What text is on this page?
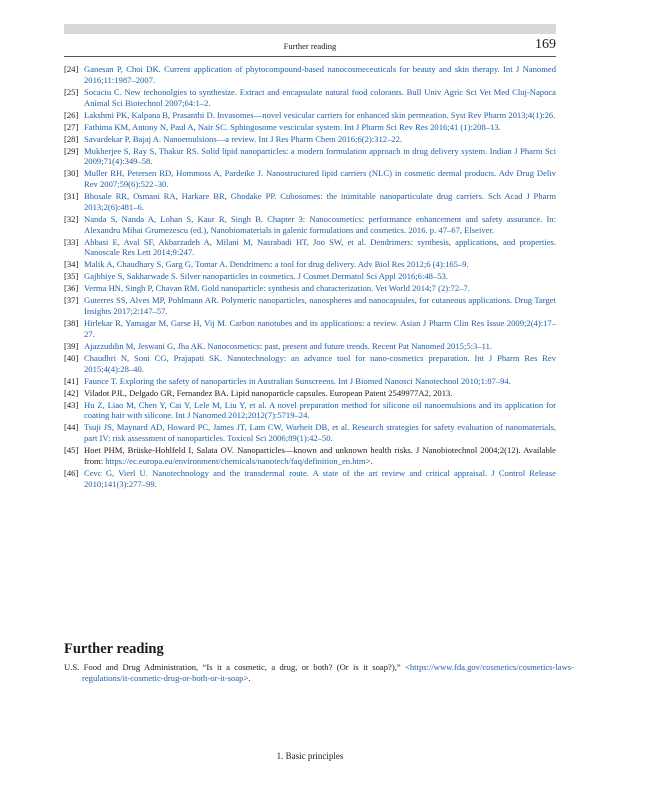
Further reading	169
[24] Ganesan P, Choi DK. Current application of phytocompound-based nanocosmeceuticals for beauty and skin therapy. Int J Nanomed 2016;11:1987–2007.
[25] Socaciu C. New techonolgies to synthesize. Extract and encapsulate natural food colorants. Bull Univ Agric Sci Vet Med Cluj-Napoca Animal Sci Biotechnol 2007;64:1–2.
[26] Lakshmi PK, Kalpana B, Prasanthi D. Invasomes—novel vesicular carriers for enhanced skin permeation. Syst Rev Pharm 2013;4(1):26.
[27] Fathima KM, Antony N, Paul A, Nair SC. Sphingosome vescicular system. Int J Pharm Sci Rev Res 2016;41 (1):208–13.
[28] Savardekar P, Bajaj A. Nanoemulsions—a review. Int J Res Pharm Chem 2016;6(2):312–22.
[29] Mukherjee S, Ray S, Thakur RS. Solid lipid nanoparticles: a modern formulation approach in drug delivery system. Indian J Pharm Sci 2009;71(4):349–58.
[30] Muller RH, Petersen RD, Hommoss A, Pardeike J. Nanostructured lipid carriers (NLC) in cosmetic dermal products. Adv Drug Deliv Rev 2007;59(6):522–30.
[31] Bhosale RR, Osmani RA, Harkare BR, Ghodake PP. Cubosomes: the inimitable nanoparticulate drug carriers. Sch Acad J Pharm 2013;2(6):481–6.
[32] Nanda S, Nanda A, Lohan S, Kaur R, Singh B. Chapter 3: Nanocosmetics: performance enhancement and safety assurance. In: Alexandru Mihai Grumezescu (ed.), Nanobiomaterials in galenic formulations and cosmetics. 2016. p. 47–67, Elseiver.
[33] Abbasi E, Aval SF, Akbarzadeh A, Milani M, Nasrabadi HT, Joo SW, et al. Dendrimers: synthesis, applications, and properties. Nanoscale Res Lett 2014;9:247.
[34] Malik A, Chaudhary S, Garg G, Tomar A. Dendrimers: a tool for drug delivery. Adv Biol Res 2012;6 (4):165–9.
[35] Gajbhiye S, Sakharwade S. Silver nanoparticles in cosmetics. J Cosmet Dermatol Sci Appl 2016;6:48–53.
[36] Verma HN, Singh P, Chavan RM. Gold nanoparticle: synthesis and characterization. Vet World 2014;7 (2):72–7.
[37] Guterres SS, Alves MP, Pohlmann AR. Polymeric nanoparticles, nanospheres and nanocapsules, for cutaneous applications. Drug Target Insights 2017;2:147–57.
[38] Hirlekar R, Yamagar M, Garse H, Vij M. Carbon nanotubes and its applications: a review. Asian J Pharm Clin Res Issue 2009;2(4):17–27.
[39] Ajazzuddin M, Jeswani G, Jha AK. Nanocosmetics: past, present and future trends. Recent Pat Nanomed 2015;5:3–11.
[40] Chaudhri N, Soni CG, Prajapati SK. Nanotechnology: an advance tool for nano-cosmetics preparation. Int J Pharm Res Rev 2015;4(4):28–40.
[41] Faunce T. Exploring the safety of nanoparticles in Australian Sunscreens. Int J Biomed Nanosci Nanotechnol 2010;1:87–94.
[42] Viladot PJL, Delgado GR, Fernandez BA. Lipid nanoparticle capsules. European Patent 2549977A2, 2013.
[43] Hu Z, Liao M, Chen Y, Cai Y, Lele M, Liu Y, et al. A novel preparation method for silicone oil nanoemulsions and its application for coating hair with silicone. Int J Nanomed 2012;2012(7):5719–24.
[44] Tsuji JS, Maynard AD, Howard PC, James JT, Lam CW, Warheit DB, et al. Research strategies for safety evaluation of nanomaterials, part IV: risk assessment of nanoparticles. Toxicol Sci 2006;89(1):42–50.
[45] Hoet PHM, Brüske-Hohlfeld I, Salata OV. Nanoparticles—known and unknown health risks. J Nanobiotechnol 2004;2(12). Available from: https://ec.europa.eu/environment/chemicals/nanotech/faq/definition_en.htm>.
[46] Cevc G, Vierl U. Nanotechnology and the transdermal route. A state of the art review and critical appraisal. J Control Release 2010;141(3):277–99.
Further reading
U.S. Food and Drug Administration, “Is it a cosmetic, a drug, or both? (Or is it soap?),” <https://www.fda.gov/cosmetics/cosmetics-laws-regulations/it-cosmetic-drug-or-both-or-it-soap>.
1. Basic principles
